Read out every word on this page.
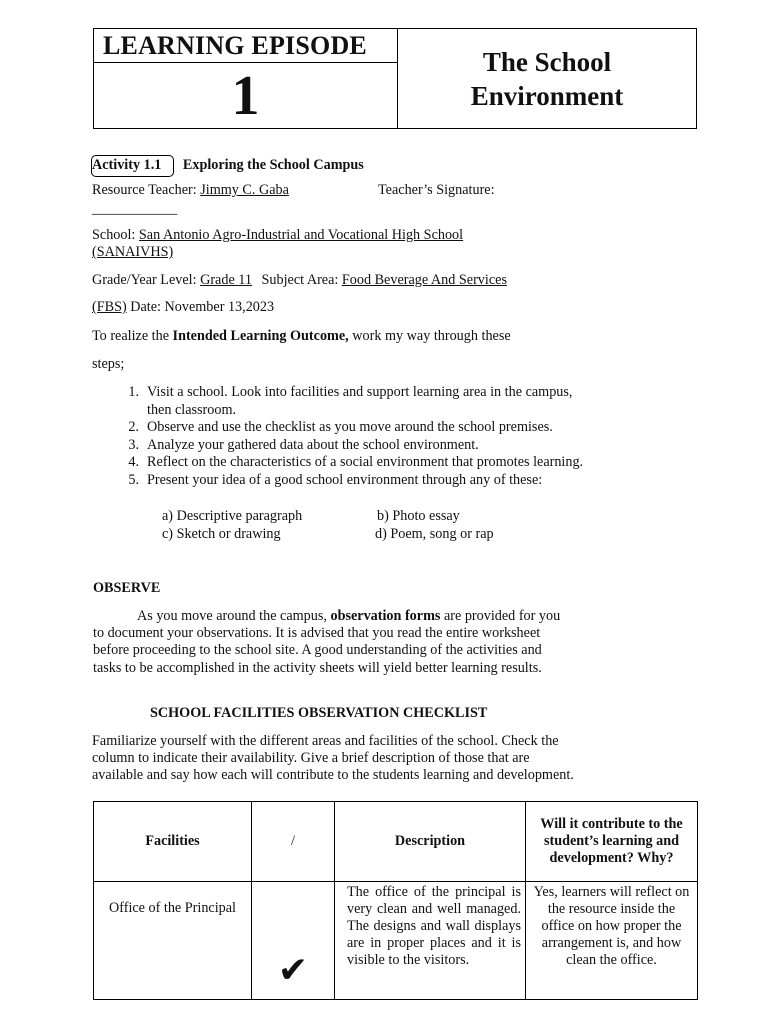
LEARNING EPISODE
1
The School
Environment
Activity 1.1 Exploring the School Campus
Resource Teacher: Jimmy C. Gaba	Teacher’s Signature:
____________
School: San Antonio Agro-Industrial and Vocational High School
(SANAIVHS)
Grade/Year Level: Grade 11 Subject Area: Food Beverage And Services
(FBS) Date: November 13,2023
To realize the Intended Learning Outcome, work my way through these
steps;
1. Visit a school. Look into facilities and support learning area in the campus, then classroom.
2. Observe and use the checklist as you move around the school premises.
3. Analyze your gathered data about the school environment.
4. Reflect on the characteristics of a social environment that promotes learning.
5. Present your idea of a good school environment through any of these:
a) Descriptive paragraph	b) Photo essay
c) Sketch or drawing	d) Poem, song or rap
OBSERVE
As you move around the campus, observation forms are provided for you to document your observations. It is advised that you read the entire worksheet before proceeding to the school site. A good understanding of the activities and tasks to be accomplished in the activity sheets will yield better learning results.
SCHOOL FACILITIES OBSERVATION CHECKLIST
Familiarize yourself with the different areas and facilities of the school. Check the column to indicate their availability. Give a brief description of those that are available and say how each will contribute to the students learning and development.
Facilities	/	Description	Will it contribute to the student’s learning and development? Why?
Office of the Principal	✔	The office of the principal is very clean and well managed. The designs and wall displays are in proper places and it is visible to the visitors.	Yes, learners will reflect on the resource inside the office on how proper the arrangement is, and how clean the office.
